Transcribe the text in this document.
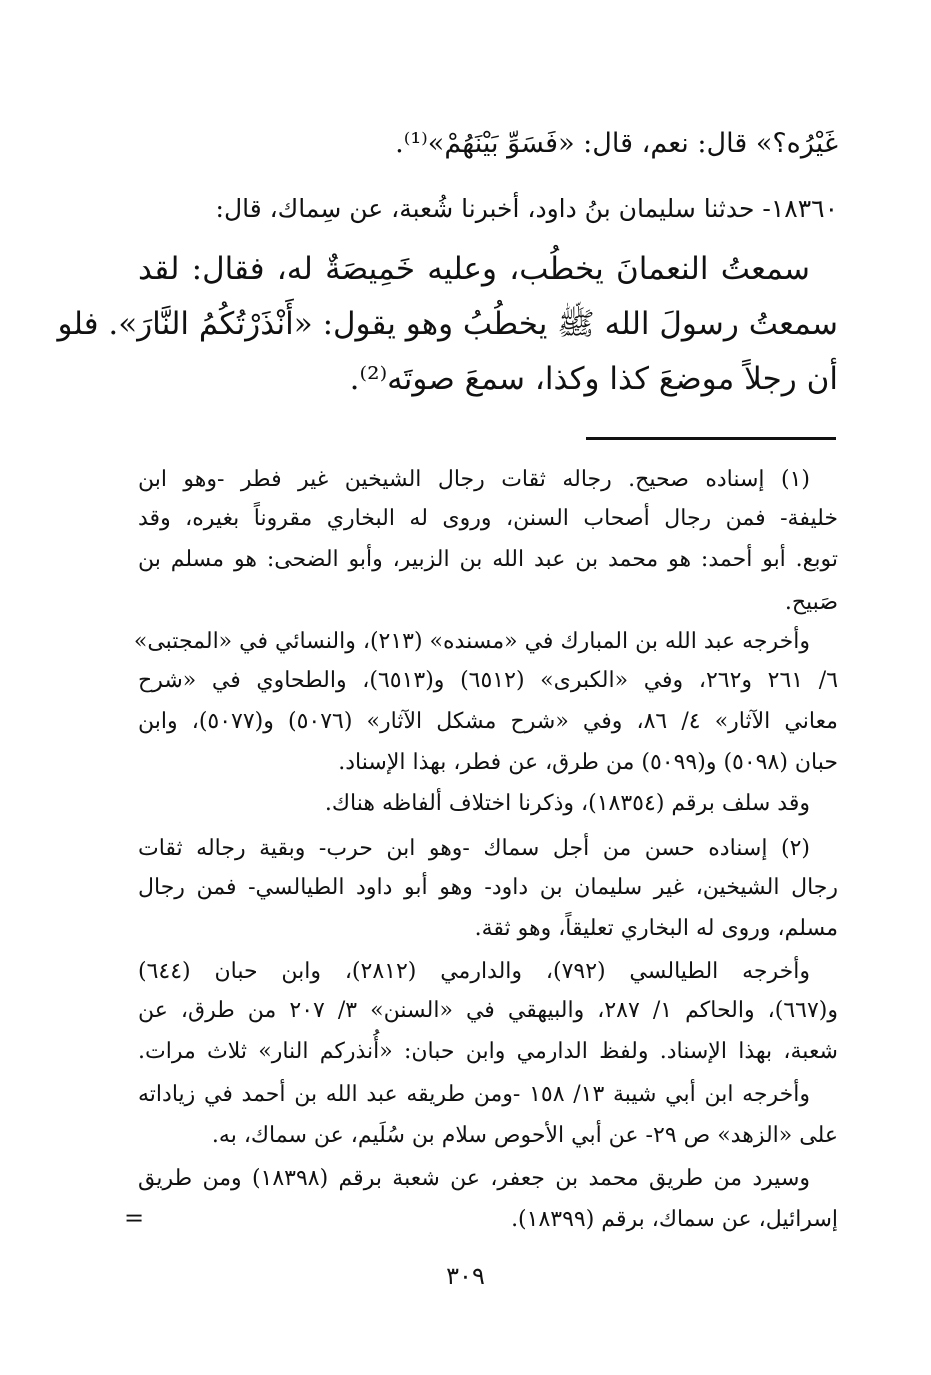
غَيْرُه؟» قال: نعم، قال: «فَسَوِّ بَيْنَهُمْ»⁽¹⁾.
١٨٣٦٠- حدثنا سليمان بنُ داود، أخبرنا شُعبة، عن سِماك، قال:
سمعتُ النعمانَ يخطُب، وعليه خَمِيصَةٌ له، فقال: لقد
سمعتُ رسولَ الله ﷺ يخطُبُ وهو يقول: «أَنْذَرْتُكُمُ النَّارَ». فلو
أن رجلاً موضعَ كذا وكذا، سمعَ صوتَه⁽²⁾.
(١) إسناده صحيح. رجاله ثقات رجال الشيخين غير فطر -وهو ابن
خليفة- فمن رجال أصحاب السنن، وروى له البخاري مقروناً بغيره، وقد
توبع. أبو أحمد: هو محمد بن عبد الله بن الزبير، وأبو الضحى: هو مسلم بن
صَبيح.
وأخرجه عبد الله بن المبارك في «مسنده» (٢١٣)، والنسائي في «المجتبى»
٦/ ٢٦١ و٢٦٢، وفي «الكبرى» (٦٥١٢) و(٦٥١٣)، والطحاوي في «شرح
معاني الآثار» ٤/ ٨٦، وفي «شرح مشكل الآثار» (٥٠٧٦) و(٥٠٧٧)، وابن
حبان (٥٠٩٨) و(٥٠٩٩) من طرق، عن فطر، بهذا الإسناد.
وقد سلف برقم (١٨٣٥٤)، وذكرنا اختلاف ألفاظه هناك.
(٢) إسناده حسن من أجل سماك -وهو ابن حرب- وبقية رجاله ثقات
رجال الشيخين، غير سليمان بن داود- وهو أبو داود الطيالسي- فمن رجال
مسلم، وروى له البخاري تعليقاً، وهو ثقة.
وأخرجه الطيالسي (٧٩٢)، والدارمي (٢٨١٢)، وابن حبان (٦٤٤)
و(٦٦٧)، والحاكم ١/ ٢٨٧، والبيهقي في «السنن» ٣/ ٢٠٧ من طرق، عن
شعبة، بهذا الإسناد. ولفظ الدارمي وابن حبان: «أُنذركم النار» ثلاث مرات.
وأخرجه ابن أبي شيبة ١٣/ ١٥٨ -ومن طريقه عبد الله بن أحمد في زياداته
على «الزهد» ص ٢٩- عن أبي الأحوص سلام بن سُلَيم، عن سماك، به.
وسيرد من طريق محمد بن جعفر، عن شعبة برقم (١٨٣٩٨) ومن طريق
إسرائيل، عن سماك، برقم (١٨٣٩٩).
=
٣٠٩
